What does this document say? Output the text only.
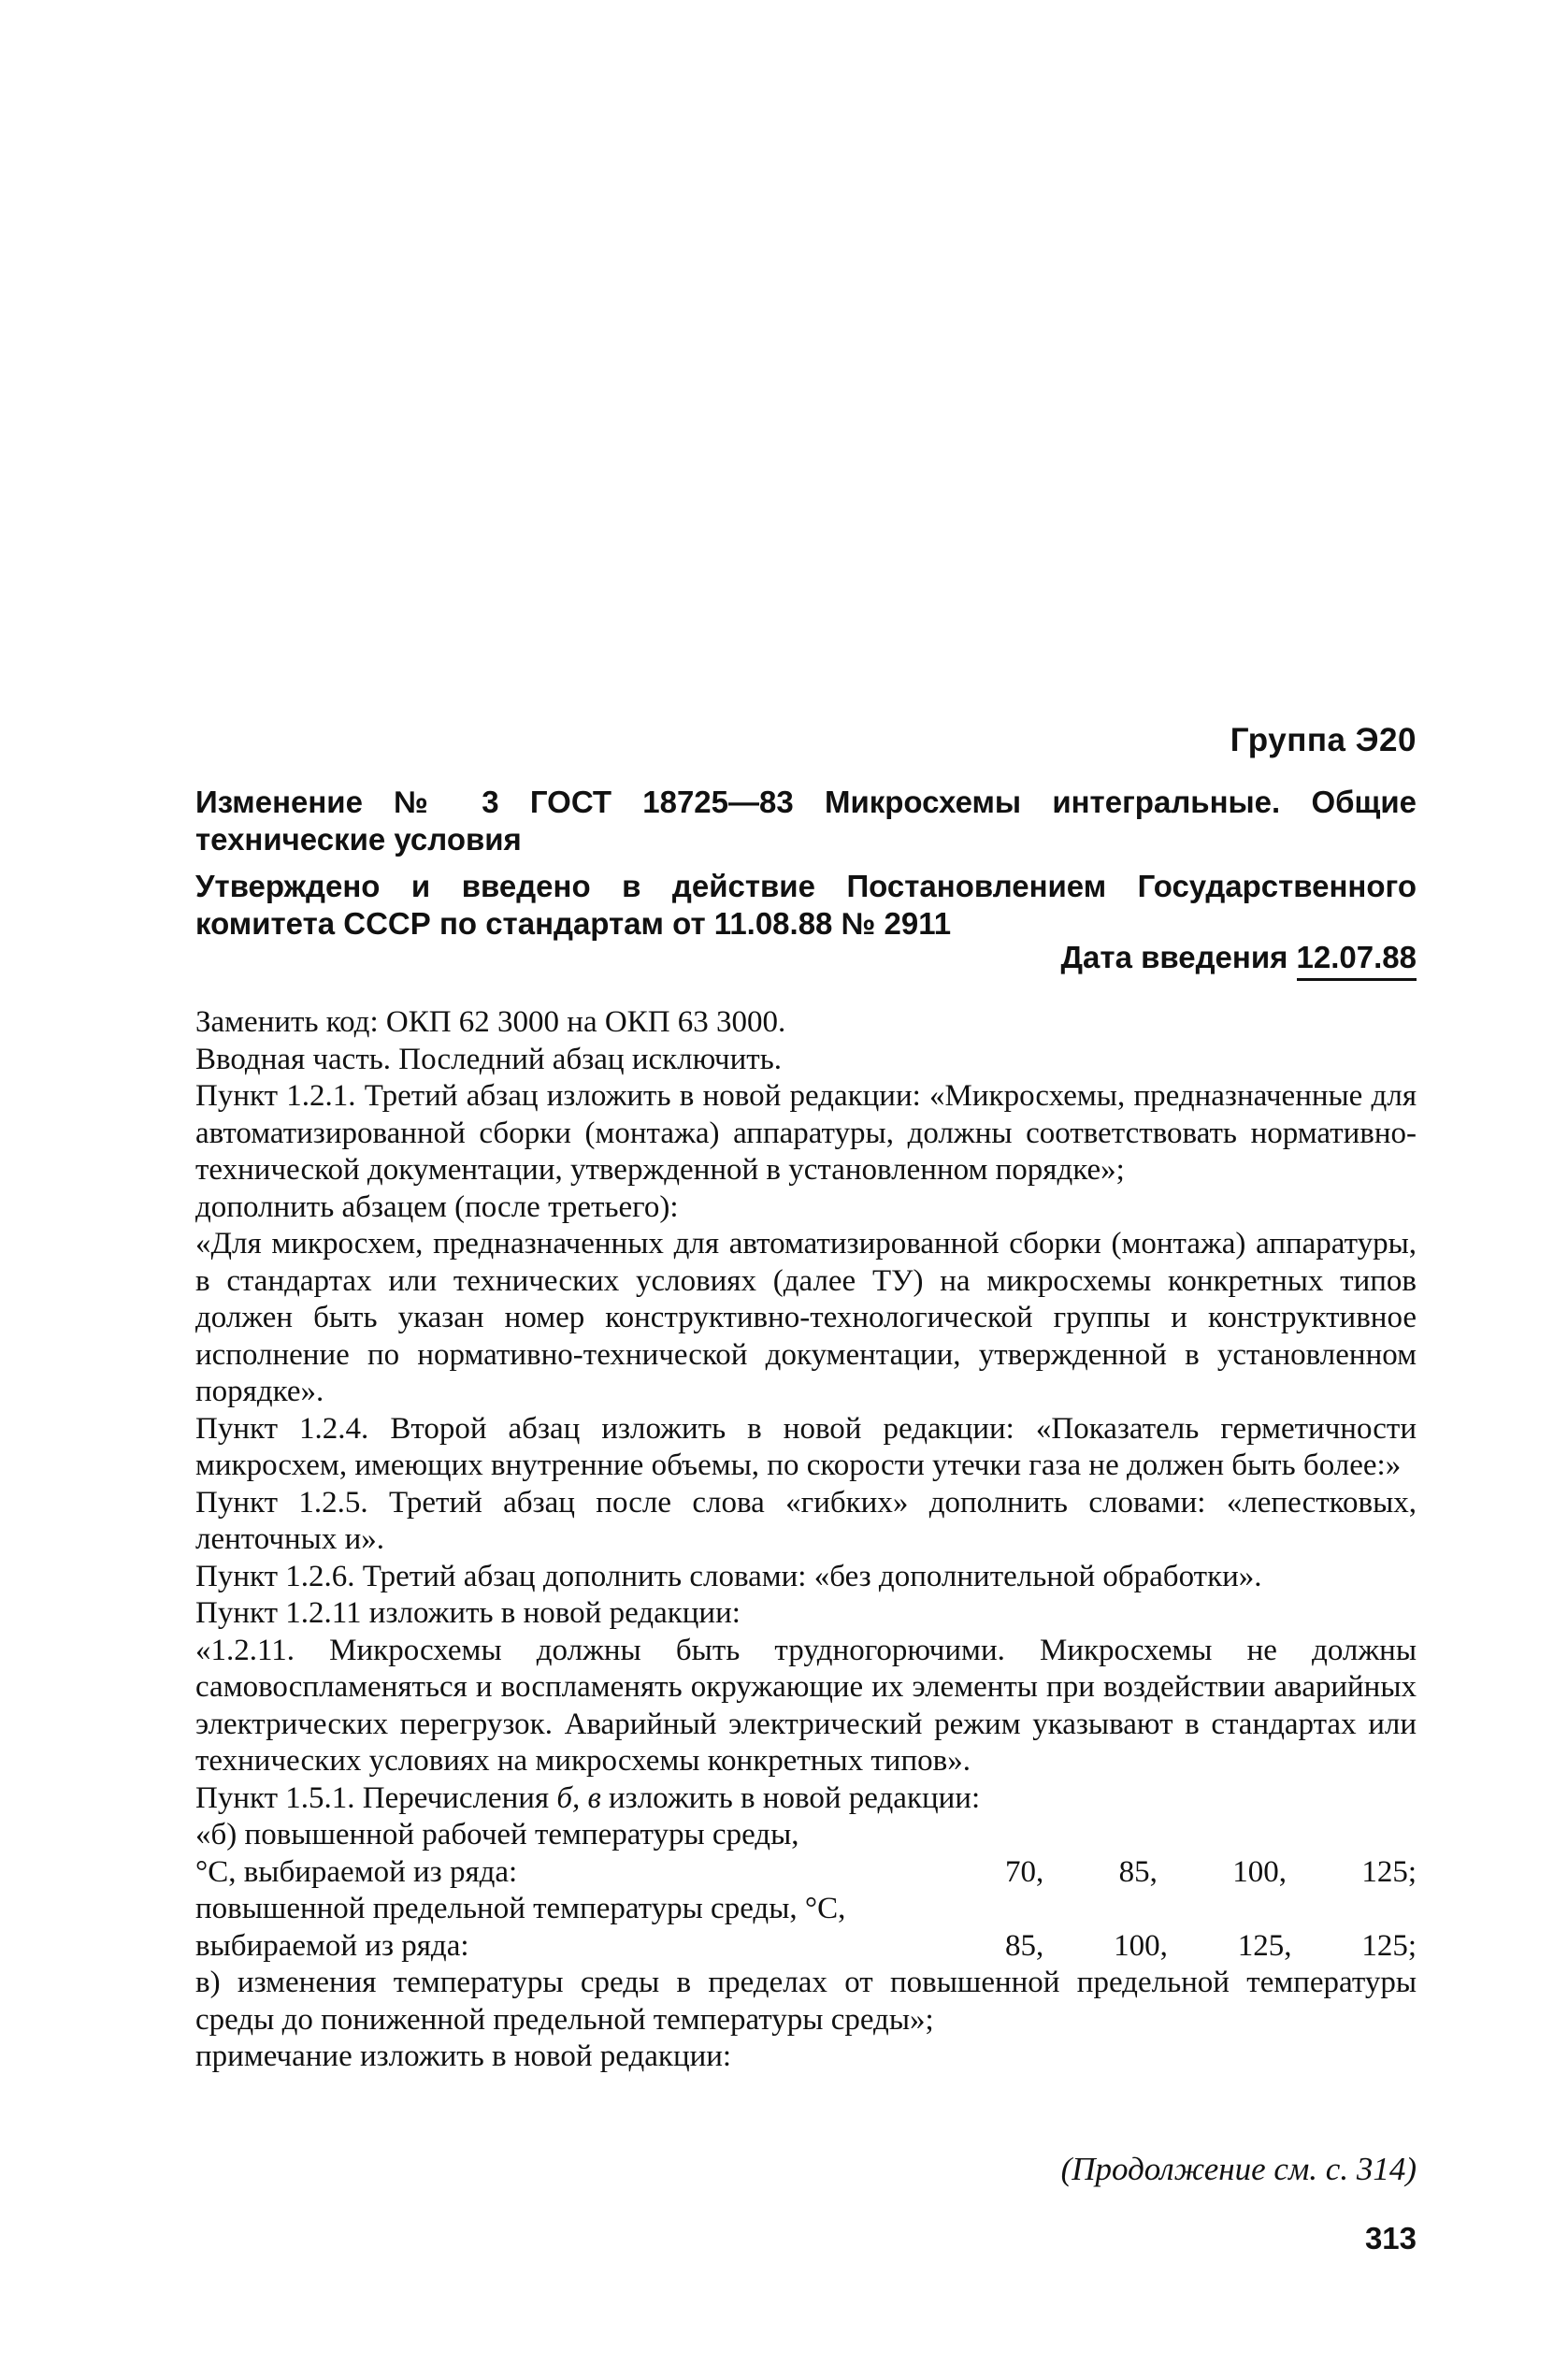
Группа Э20
Изменение № 3 ГОСТ 18725—83 Микросхемы интегральные. Общие технические условия
Утверждено и введено в действие Постановлением Государственного комитета СССР по стандартам от 11.08.88 № 2911
Дата введения 12.07.88

Заменить код: ОКП 62 3000 на ОКП 63 3000.

Вводная часть. Последний абзац исключить.

Пункт 1.2.1. Третий абзац изложить в новой редакции: «Микросхемы, предназначенные для автоматизированной сборки (монтажа) аппаратуры, должны соответствовать нормативно-технической документации, утвержденной в установленном порядке»;

дополнить абзацем (после третьего):

«Для микросхем, предназначенных для автоматизированной сборки (монтажа) аппаратуры, в стандартах или технических условиях (далее ТУ) на микросхемы конкретных типов должен быть указан номер конструктивно-технологической группы и конструктивное исполнение по нормативно-технической документации, утвержденной в установленном порядке».

Пункт 1.2.4. Второй абзац изложить в новой редакции: «Показатель герметичности микросхем, имеющих внутренние объемы, по скорости утечки газа не должен быть более:»

Пункт 1.2.5. Третий абзац после слова «гибких» дополнить словами: «лепестковых, ленточных и».

Пункт 1.2.6. Третий абзац дополнить словами: «без дополнительной обработки».

Пункт 1.2.11 изложить в новой редакции:

«1.2.11. Микросхемы должны быть трудногорючими. Микросхемы не должны самовоспламеняться и воспламенять окружающие их элементы при воздействии аварийных электрических перегрузок. Аварийный электрический режим указывают в стандартах или технических условиях на микросхемы конкретных типов».

Пункт 1.5.1. Перечисления б, в изложить в новой редакции:

«б) повышенной рабочей температуры среды,

°С, выбираемой из ряда:	70, 85, 100, 125;

повышенной предельной температуры среды, °С,

выбираемой из ряда:	85, 100, 125, 125;

в) изменения температуры среды в пределах от повышенной предельной температуры среды до пониженной предельной температуры среды»;

примечание изложить в новой редакции:

(Продолжение см. с. 314)
313
